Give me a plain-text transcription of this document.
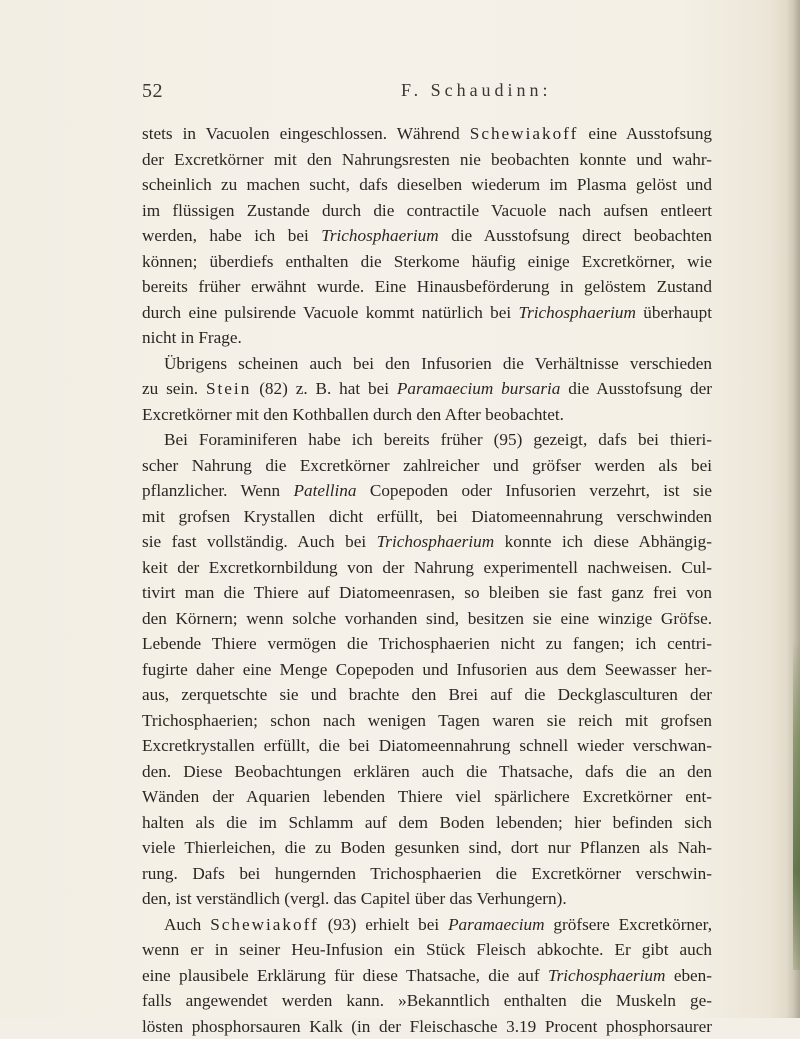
52	F. Schaudinn:
stets in Vacuolen eingeschlossen. Während Schewiakoff eine Ausstofsung
der Excretkörner mit den Nahrungsresten nie beobachten konnte und wahr-
scheinlich zu machen sucht, dafs dieselben wiederum im Plasma gelöst und
im flüssigen Zustande durch die contractile Vacuole nach aufsen entleert
werden, habe ich bei Trichosphaerium die Ausstofsung direct beobachten
können; überdiefs enthalten die Sterkome häufig einige Excretkörner, wie
bereits früher erwähnt wurde. Eine Hinausbeförderung in gelöstem Zustand
durch eine pulsirende Vacuole kommt natürlich bei Trichosphaerium überhaupt
nicht in Frage.
Übrigens scheinen auch bei den Infusorien die Verhältnisse verschieden
zu sein. Stein (82) z. B. hat bei Paramaecium bursaria die Ausstofsung der
Excretkörner mit den Kothballen durch den After beobachtet.
Bei Foraminiferen habe ich bereits früher (95) gezeigt, dafs bei thieri-
scher Nahrung die Excretkörner zahlreicher und gröfser werden als bei
pflanzlicher. Wenn Patellina Copepoden oder Infusorien verzehrt, ist sie
mit grofsen Krystallen dicht erfüllt, bei Diatomeennahrung verschwinden
sie fast vollständig. Auch bei Trichosphaerium konnte ich diese Abhängig-
keit der Excretkornbildung von der Nahrung experimentell nachweisen. Cul-
tivirt man die Thiere auf Diatomeenrasen, so bleiben sie fast ganz frei von
den Körnern; wenn solche vorhanden sind, besitzen sie eine winzige Gröfse.
Lebende Thiere vermögen die Trichosphaerien nicht zu fangen; ich centri-
fugirte daher eine Menge Copepoden und Infusorien aus dem Seewasser her-
aus, zerquetschte sie und brachte den Brei auf die Deckglasculturen der
Trichosphaerien; schon nach wenigen Tagen waren sie reich mit grofsen
Excretkrystallen erfüllt, die bei Diatomeennahrung schnell wieder verschwan-
den. Diese Beobachtungen erklären auch die Thatsache, dafs die an den
Wänden der Aquarien lebenden Thiere viel spärlichere Excretkörner ent-
halten als die im Schlamm auf dem Boden lebenden; hier befinden sich
viele Thierleichen, die zu Boden gesunken sind, dort nur Pflanzen als Nah-
rung. Dafs bei hungernden Trichosphaerien die Excretkörner verschwin-
den, ist verständlich (vergl. das Capitel über das Verhungern).
Auch Schewiakoff (93) erhielt bei Paramaecium gröfsere Excretkörner,
wenn er in seiner Heu-Infusion ein Stück Fleisch abkochte. Er gibt auch
eine plausibele Erklärung für diese Thatsache, die auf Trichosphaerium eben-
falls angewendet werden kann. »Bekanntlich enthalten die Muskeln ge-
lösten phosphorsauren Kalk (in der Fleischasche 3.19 Procent phosphorsaurer
